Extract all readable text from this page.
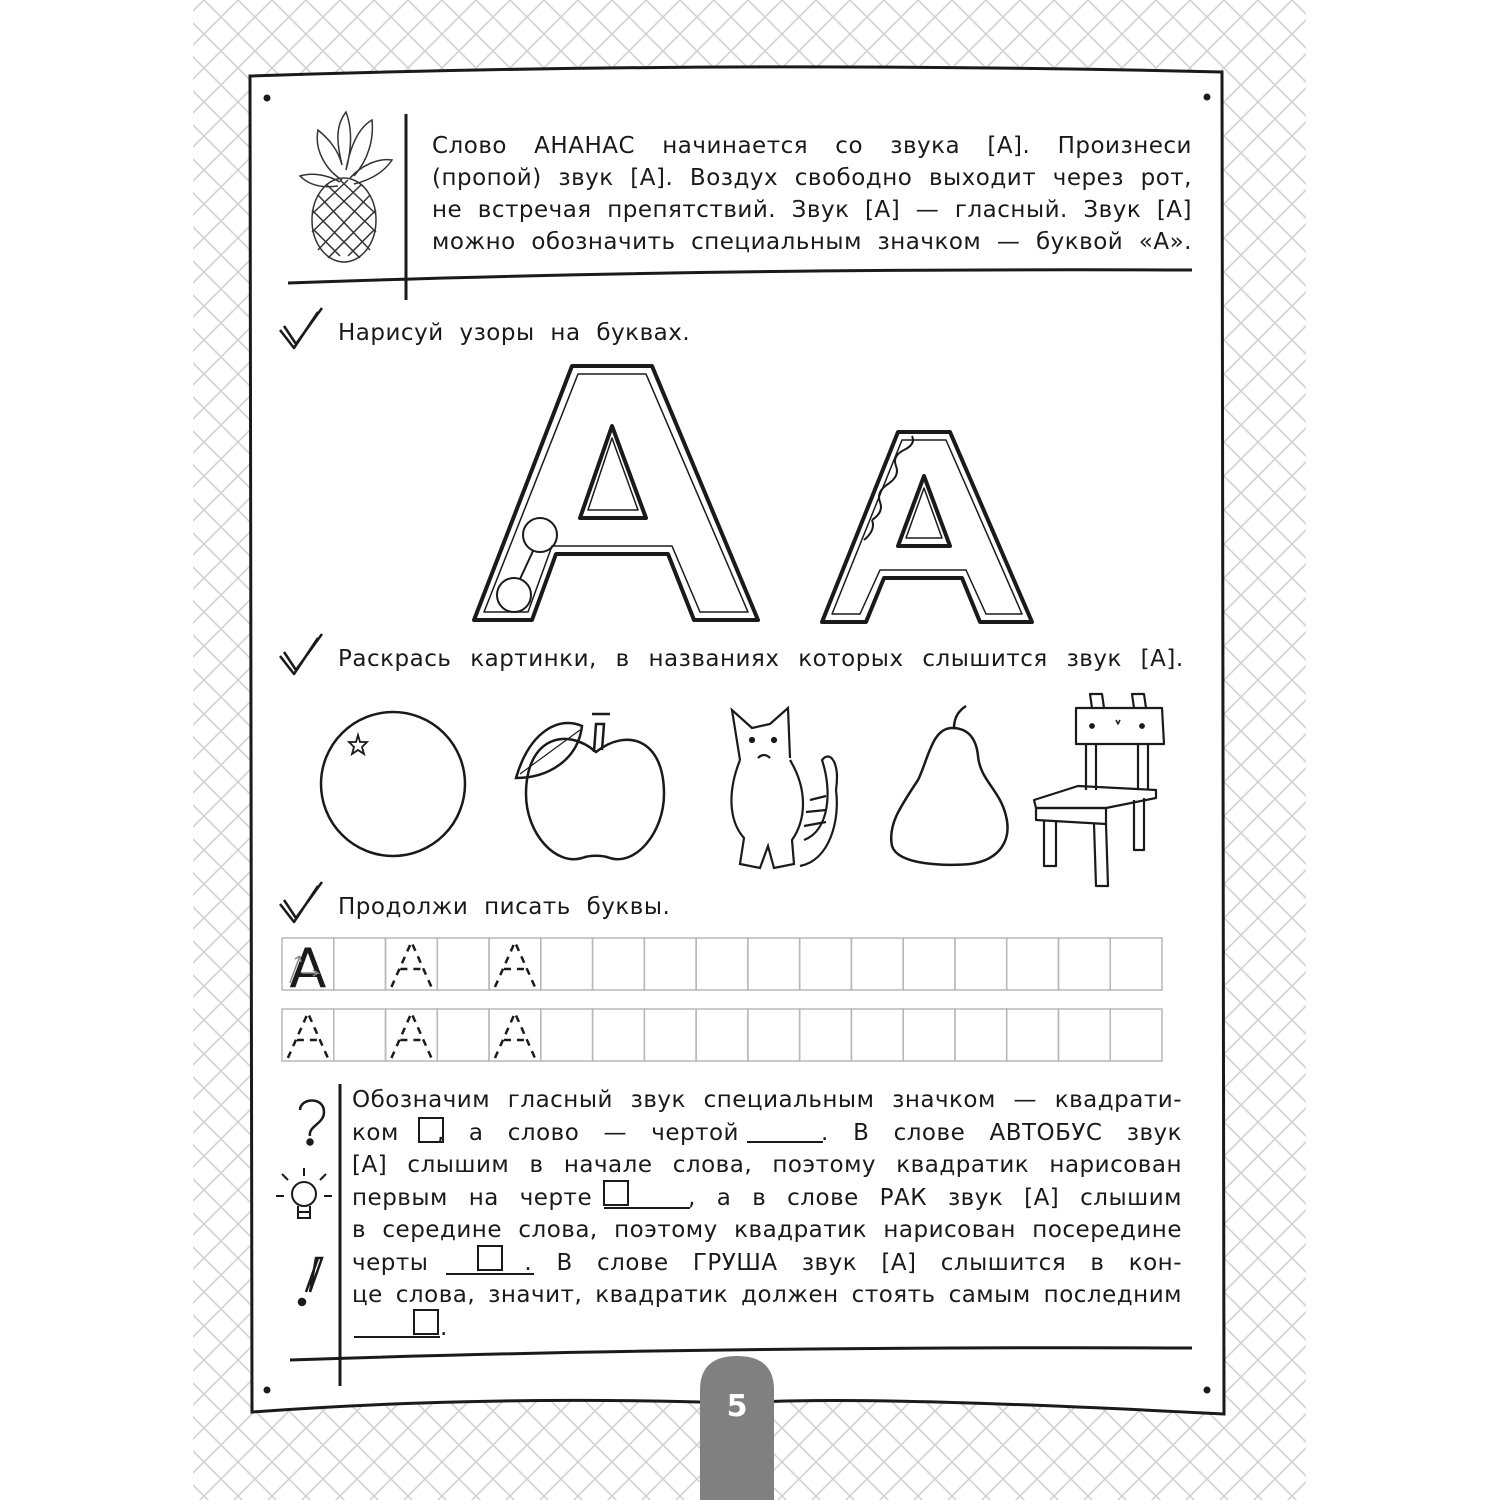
А
Слово АНАНАС начинается со звука [А]. Произнеси
(пропой) звук [А]. Воздух свободно выходит через рот,
не встречая препятствий. Звук [А] — гласный. Звук [А]
можно обозначить специальным значком — буквой «А».
Нарисуй узоры на буквах.
Раскрась картинки, в названиях которых слышится звук [А].
Продолжи писать буквы.
Обозначим гласный звук специальным значком — квадрати-
ком , а слово — чертой	. В слове АВТОБУС звук
[А] слышим в начале слова, поэтому квадратик нарисован
первым на черте	, а в слове РАК звук [А] слышим
в середине слова, поэтому квадратик нарисован посередине
черты	. В слове ГРУША звук [А] слышится в кон-
це слова, значит, квадратик должен стоять самым последним
.
5
